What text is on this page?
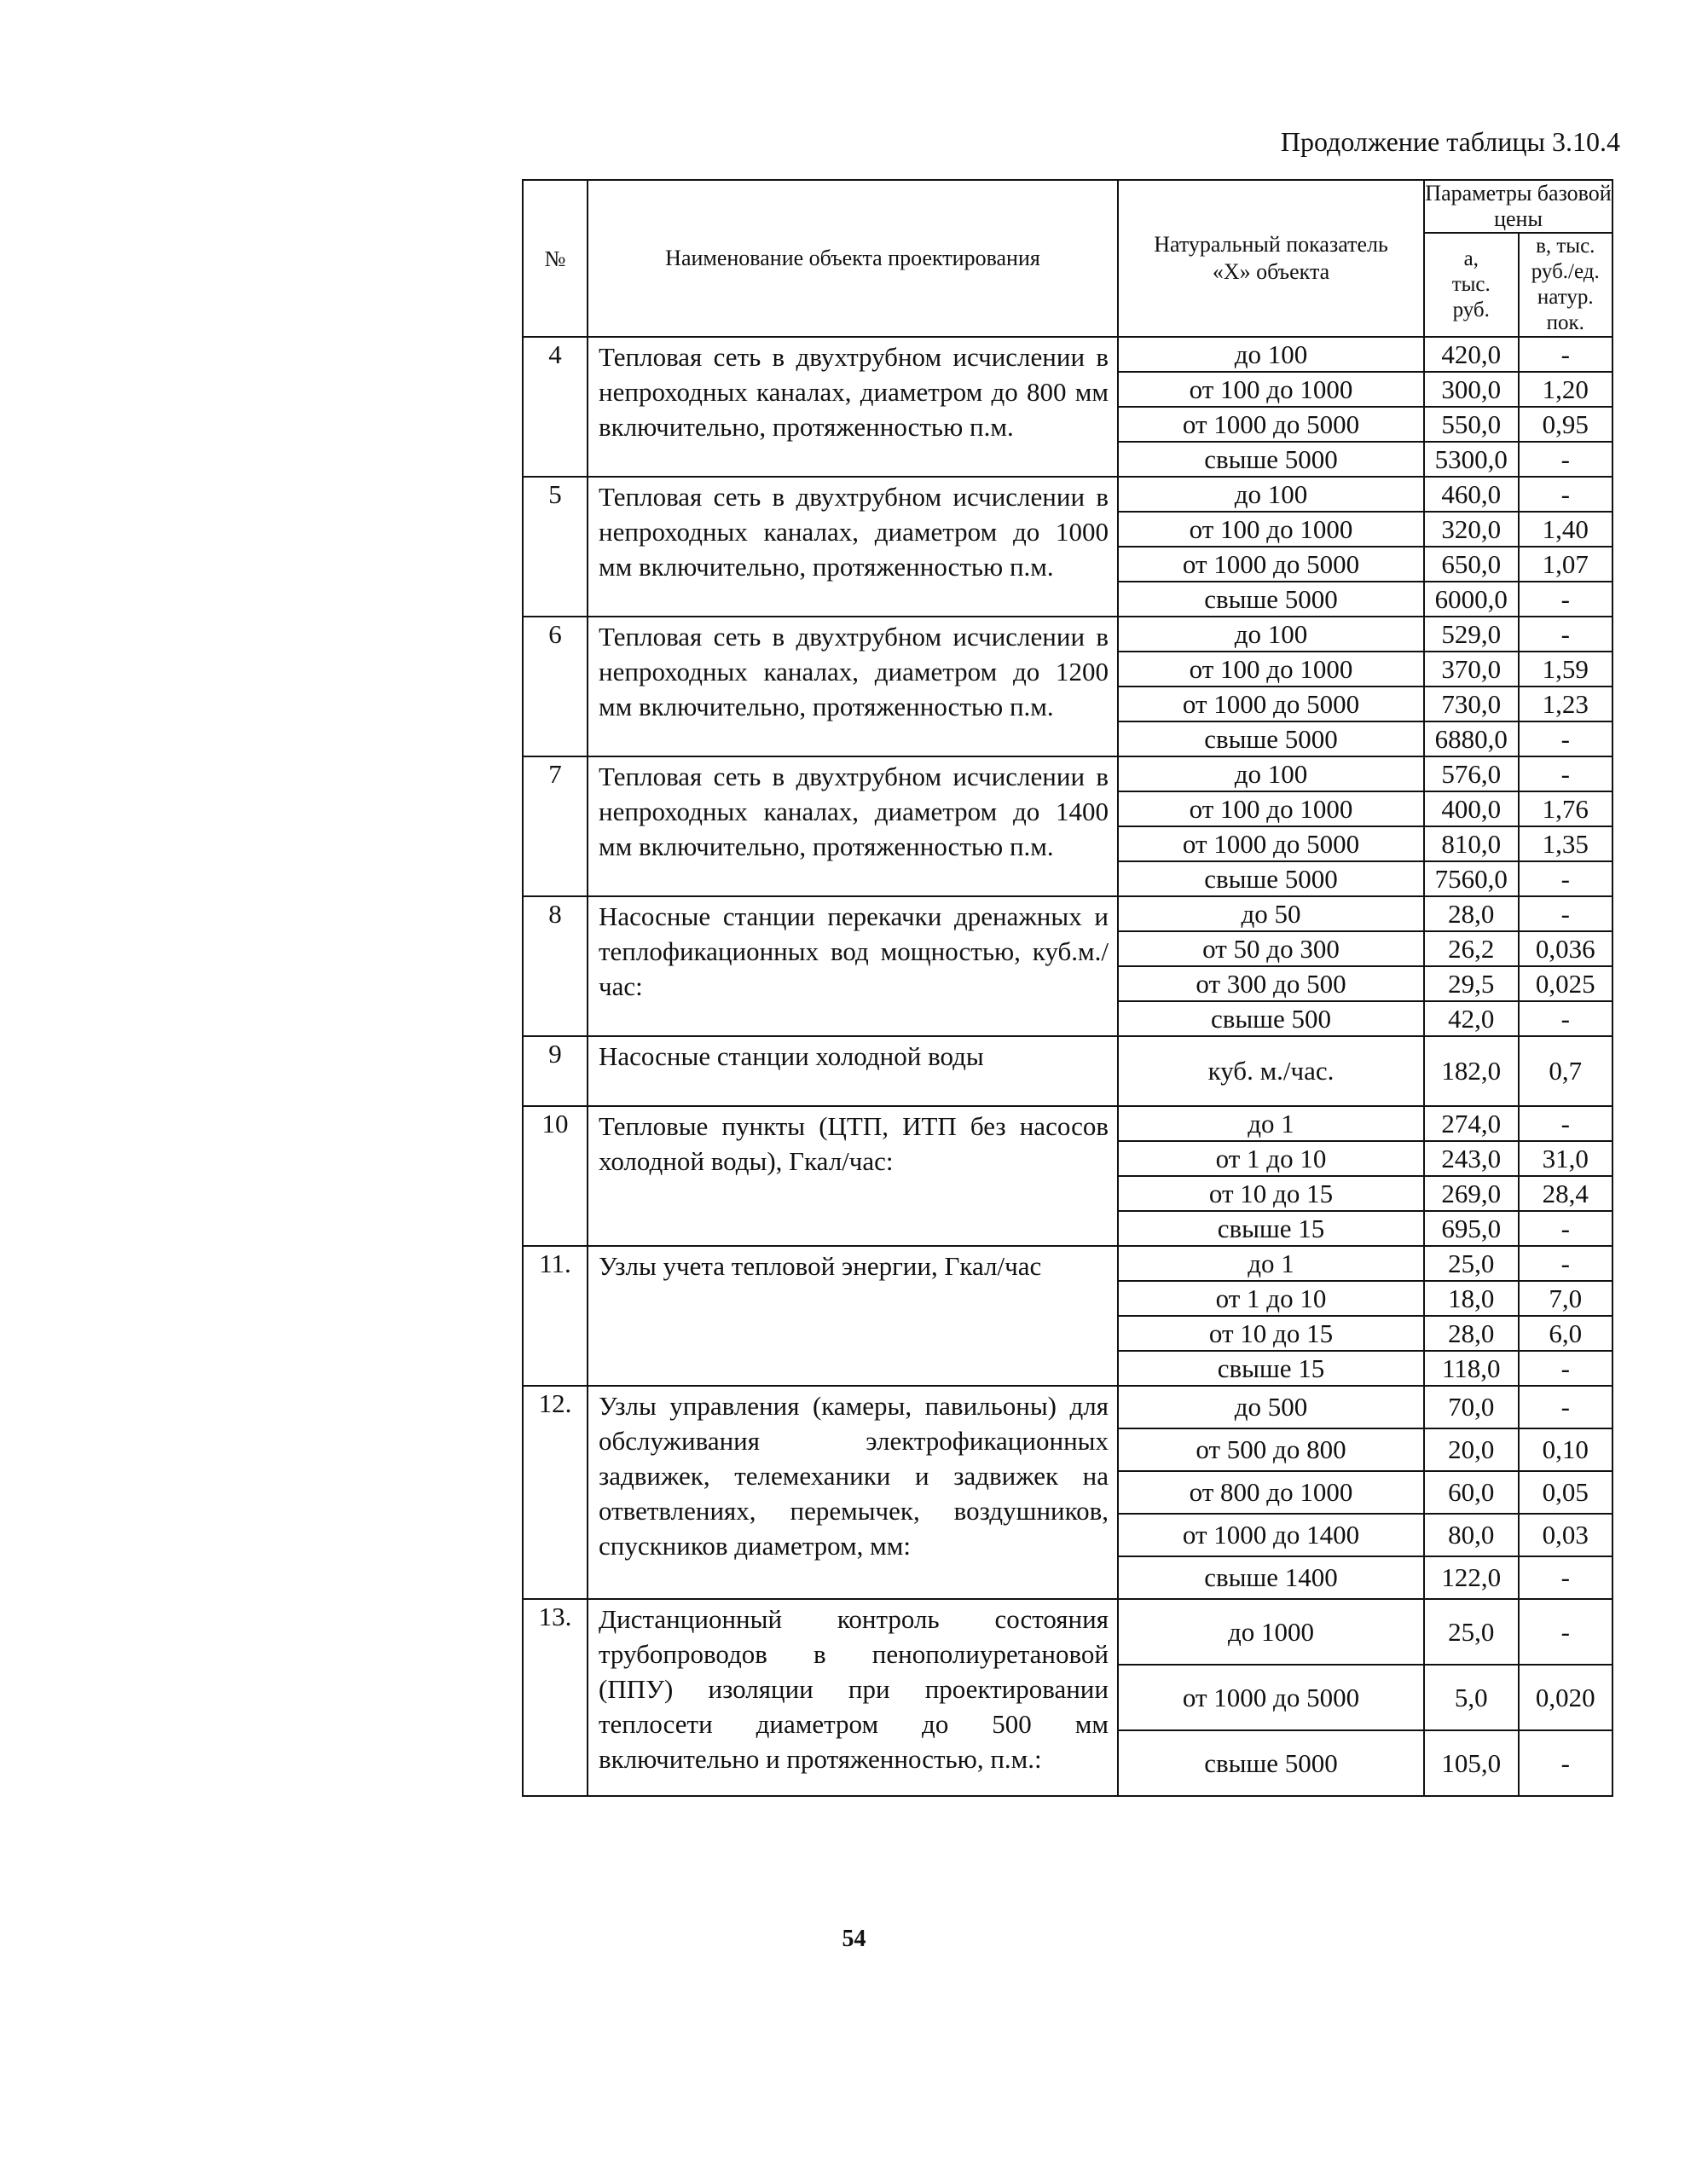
Продолжение таблицы 3.10.4
№	Наименование объекта проектирования	Натуральный показатель «Х» объекта	Параметры базовой цены	
			а, тыс. руб.	в, тыс. руб./ед. натур. пок.
4	Тепловая сеть в двухтрубном исчислении в непроходных каналах, диаметром до 800 мм включительно, протяженностью п.м.	до 100	420,0	-
		от 100 до 1000	300,0	1,20
		от 1000 до 5000	550,0	0,95
		свыше 5000	5300,0	-
5	Тепловая сеть в двухтрубном исчислении в непроходных каналах, диаметром до 1000 мм включительно, протяженностью п.м.	до 100	460,0	-
		от 100 до 1000	320,0	1,40
		от 1000 до 5000	650,0	1,07
		свыше 5000	6000,0	-
6	Тепловая сеть в двухтрубном исчислении в непроходных каналах, диаметром до 1200 мм включительно, протяженностью п.м.	до 100	529,0	-
		от 100 до 1000	370,0	1,59
		от 1000 до 5000	730,0	1,23
		свыше 5000	6880,0	-
7	Тепловая сеть в двухтрубном исчислении в непроходных каналах, диаметром до 1400 мм включительно, протяженностью п.м.	до 100	576,0	-
		от 100 до 1000	400,0	1,76
		от 1000 до 5000	810,0	1,35
		свыше 5000	7560,0	-
8	Насосные станции перекачки дренажных и теплофикационных вод мощностью, куб.м./час:	до 50	28,0	-
		от 50 до 300	26,2	0,036
		от 300 до 500	29,5	0,025
		свыше 500	42,0	-
9	Насосные станции холодной воды	куб. м./час.	182,0	0,7
10	Тепловые пункты (ЦТП, ИТП без насосов холодной воды), Гкал/час:	до 1	274,0	-
		от 1 до 10	243,0	31,0
		от 10 до 15	269,0	28,4
		свыше 15	695,0	-
11.	Узлы учета тепловой энергии, Гкал/час	до 1	25,0	-
		от 1 до 10	18,0	7,0
		от 10 до 15	28,0	6,0
		свыше 15	118,0	-
12.	Узлы управления (камеры, павильоны) для обслуживания электрофикационных задвижек, телемеханики и задвижек на ответвлениях, перемычек, воздушников, спускников диаметром, мм:	до 500	70,0	-
		от 500 до 800	20,0	0,10
		от 800 до 1000	60,0	0,05
		от 1000 до 1400	80,0	0,03
		свыше 1400	122,0	-
13.	Дистанционный контроль состояния трубопроводов в пенополиуретановой (ППУ) изоляции при проектировании теплосети диаметром до 500 мм включительно и протяженностью, п.м.:	до 1000	25,0	-
		от 1000 до 5000	5,0	0,020
		свыше 5000	105,0	-
54
